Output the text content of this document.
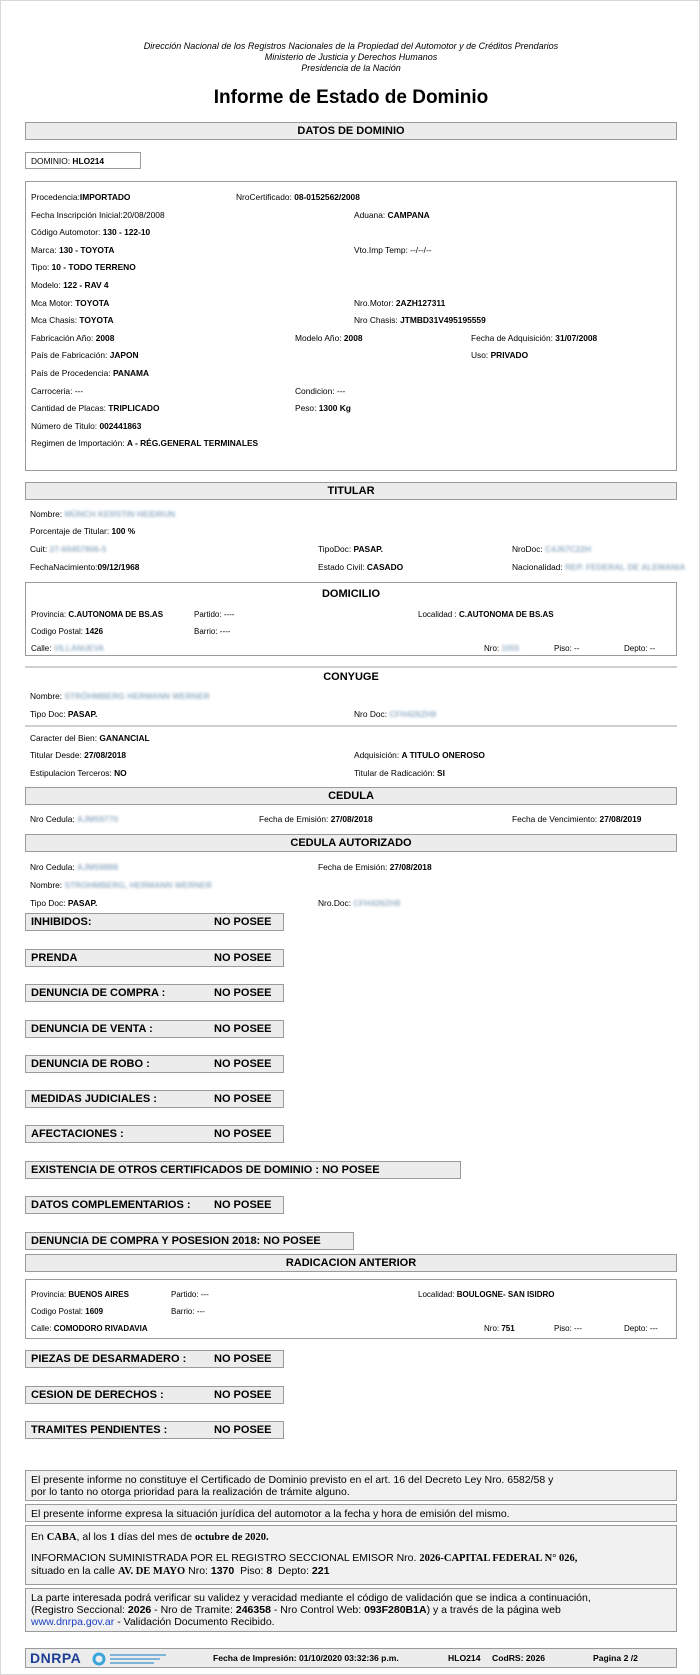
Dirección Nacional de los Registros Nacionales de la Propiedad del Automotor y de Créditos Prendarios
Ministerio de Justicia y Derechos Humanos
Presidencia de la Nación
Informe de Estado de Dominio
DATOS DE DOMINIO
DOMINIO: HLO214
Procedencia:IMPORTADO	NroCertificado: 08-0152562/2008
Fecha Inscripción Inicial:20/08/2008	Aduana: CAMPANA
Código Automotor: 130 - 122-10
Marca: 130 - TOYOTA	Vto.Imp Temp: --/--/--
Tipo: 10 - TODO TERRENO
Modelo: 122 - RAV 4
Mca Motor: TOYOTA	Nro.Motor: 2AZH127311
Mca Chasis: TOYOTA	Nro Chasis: JTMBD31V495195559
Fabricación Año: 2008	Modelo Año: 2008	Fecha de Adquisición: 31/07/2008
País de Fabricación: JAPON	Uso: PRIVADO
País de Procedencia: PANAMA
Carroceria: ---	Condicion: ---
Cantidad de Placas: TRIPLICADO	Peso: 1300 Kg
Número de Titulo: 002441863
Regimen de Importación: A - RÉG.GENERAL TERMINALES
TITULAR
Nombre: MÜNCH KERSTIN HEIDRUN
Porcentaje de Titular: 100 %
Cuit: 27-60457806-5	TipoDoc: PASAP.	NroDoc: C4J67C22H
FechaNacimiento:09/12/1968	Estado Civil: CASADO	Nacionalidad: REP. FEDERAL DE ALEMANIA
DOMICILIO
Provincia: C.AUTONOMA DE BS.AS	Partido: ----	Localidad : C.AUTONOMA DE BS.AS
Codigo Postal: 1426	Barrio: ----
Calle: VILLANUEVA	Nro: 1055	Piso: --	Depto: --
CONYUGE
Nombre: STRÖHMBERG HERMANN WERNER
Tipo Doc: PASAP.	Nro Doc: CFH426ZH8
Caracter del Bien: GANANCIAL
Titular Desde: 27/08/2018	Adquisición: A TITULO ONEROSO
Estipulacion Terceros: NO	Titular de Radicación: SI
CEDULA
Nro Cedula: AJM59770	Fecha de Emisión: 27/08/2018	Fecha de Vencimiento: 27/08/2019
CEDULA AUTORIZADO
Nro Cedula: AJM59888	Fecha de Emisión: 27/08/2018
Nombre: STROHMBERG, HERMANN WERNER
Tipo Doc: PASAP.	Nro.Doc: CFH426ZH8
INHIBIDOS:	NO POSEE
PRENDA	NO POSEE
DENUNCIA DE COMPRA :	NO POSEE
DENUNCIA DE VENTA :	NO POSEE
DENUNCIA DE ROBO :	NO POSEE
MEDIDAS JUDICIALES :	NO POSEE
AFECTACIONES :	NO POSEE
EXISTENCIA DE OTROS CERTIFICADOS DE DOMINIO : NO POSEE
DATOS COMPLEMENTARIOS : NO POSEE
DENUNCIA DE COMPRA Y POSESION 2018: NO POSEE
RADICACION ANTERIOR
Provincia: BUENOS AIRES	Partido: ---	Localidad: BOULOGNE- SAN ISIDRO
Codigo Postal: 1609	Barrio: ---
Calle: COMODORO RIVADAVIA	Nro: 751	Piso: ---	Depto: ---
PIEZAS DE DESARMADERO :	NO POSEE
CESION DE DERECHOS :	NO POSEE
TRAMITES PENDIENTES :	NO POSEE
El presente informe no constituye el Certificado de Dominio previsto en el art. 16 del Decreto Ley Nro. 6582/58 y
por lo tanto no otorga prioridad para la realización de trámite alguno.
El presente informe expresa la situación jurídica del automotor a la fecha y hora de emisión del mismo.
En CABA, al los 1 días del mes de octubre de 2020.
INFORMACION SUMINISTRADA POR EL REGISTRO SECCIONAL EMISOR Nro. 2026-CAPITAL FEDERAL N° 026,
situado en la calle AV. DE MAYO Nro: 1370 Piso: 8 Depto: 221
La parte interesada podrá verificar su validez y veracidad mediante el código de validación que se indica a continuación,
(Registro Seccional: 2026 - Nro de Tramite: 246358 - Nro Control Web: 093F280B1A) y a través de la página web
www.dnrpa.gov.ar - Validación Documento Recibido.
DNRPA	Fecha de Impresión: 01/10/2020 03:32:36 p.m.	HLO214 CodRS: 2026	Pagina 2 /2
